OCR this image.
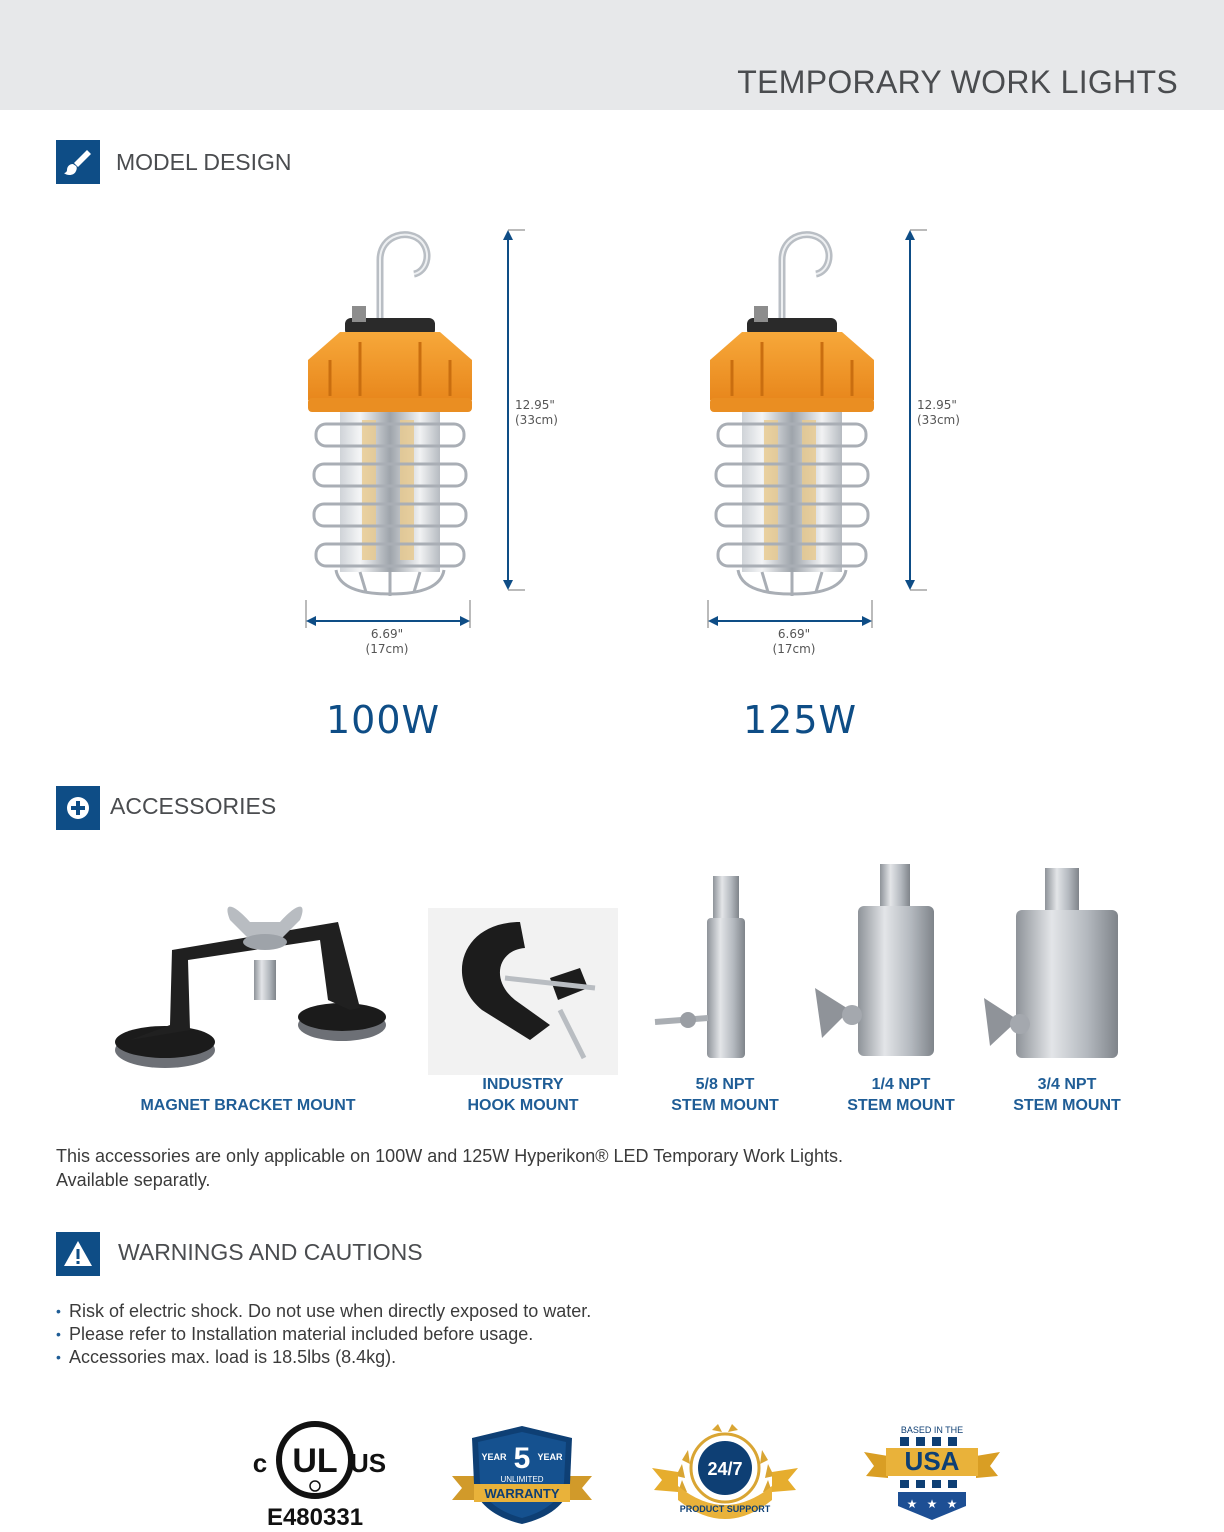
TEMPORARY WORK LIGHTS
MODEL DESIGN
12.95"
(33cm)
12.95"
(33cm)
6.69"
(17cm)
6.69"
(17cm)
100W	125W
ACCESSORIES
MAGNET BRACKET MOUNT
INDUSTRY
HOOK MOUNT
5/8 NPT
STEM MOUNT
1/4 NPT
STEM MOUNT
3/4 NPT
STEM MOUNT
This accessories are only applicable on 100W and 125W Hyperikon® LED Temporary Work Lights.
Available separatly.
WARNINGS AND CAUTIONS
• Risk of electric shock. Do not use when directly exposed to water.
• Please refer to Installation material included before usage.
• Accessories max. load is 18.5lbs (8.4kg).
UL
c	US
E480331
YEAR 5 YEAR
UNLIMITED
WARRANTY
24/7
PRODUCT SUPPORT
BASED IN THE
USA
★ ★ ★
